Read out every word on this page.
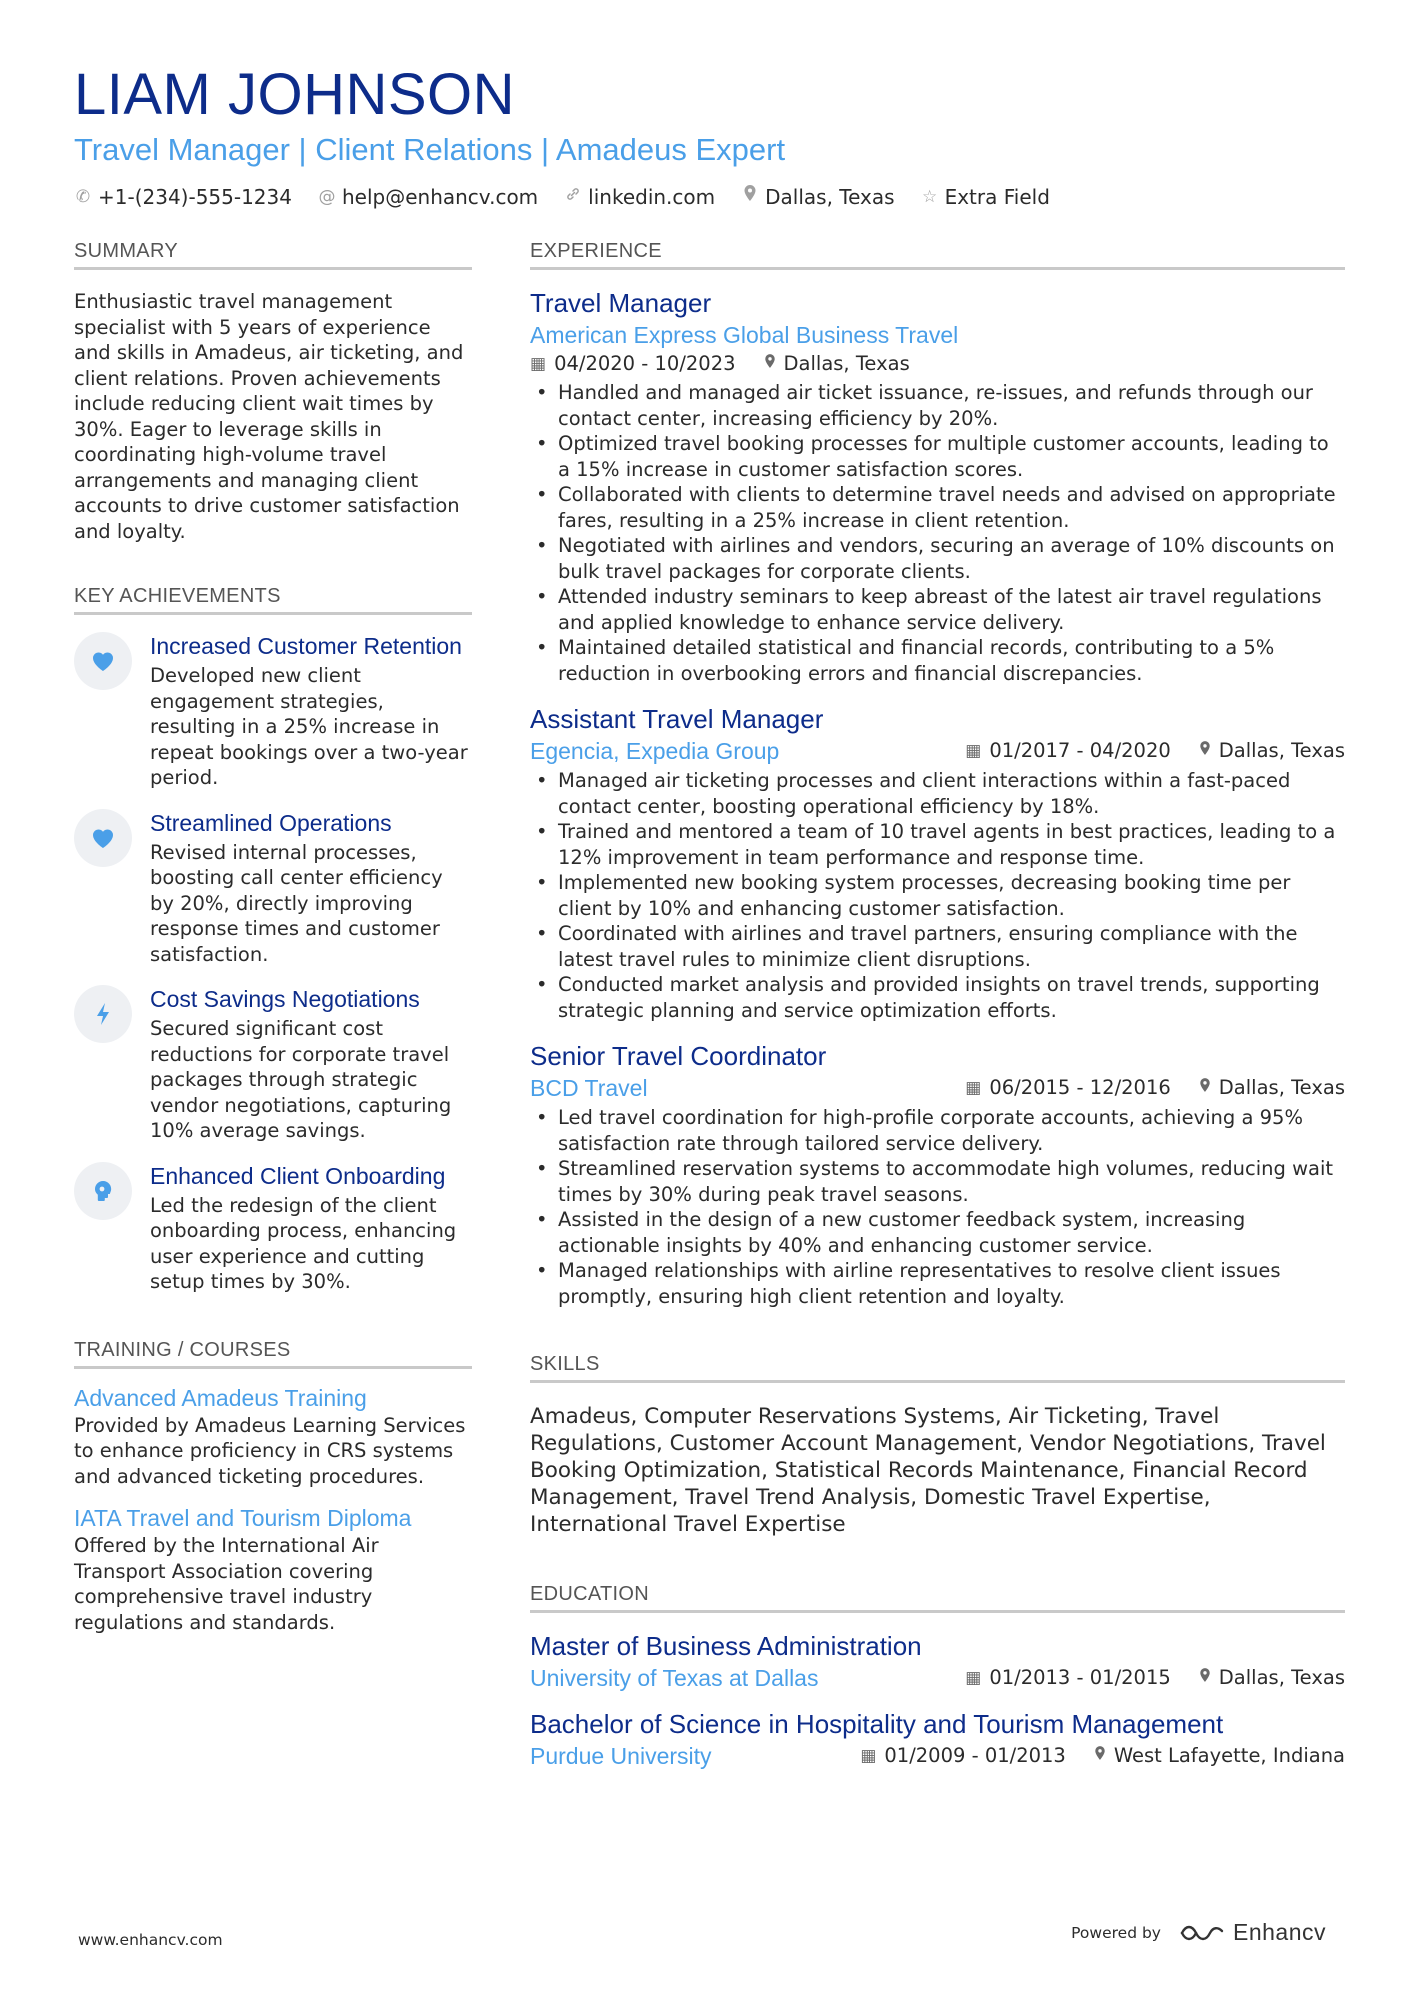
LIAM JOHNSON
Travel Manager | Client Relations | Amadeus Expert
✆ +1-(234)-555-1234 @ help@enhancv.com	linkedin.com	Dallas, Texas ☆ Extra Field
SUMMARY
Enthusiastic travel management specialist with 5 years of experience and skills in Amadeus, air ticketing, and client relations. Proven achievements include reducing client wait times by 30%. Eager to leverage skills in coordinating high-volume travel arrangements and managing client accounts to drive customer satisfaction and loyalty.
KEY ACHIEVEMENTS
Increased Customer Retention
Developed new client engagement strategies, resulting in a 25% increase in repeat bookings over a two-year period.
Streamlined Operations
Revised internal processes, boosting call center efficiency by 20%, directly improving response times and customer satisfaction.
Cost Savings Negotiations
Secured significant cost reductions for corporate travel packages through strategic vendor negotiations, capturing 10% average savings.
Enhanced Client Onboarding
Led the redesign of the client onboarding process, enhancing user experience and cutting setup times by 30%.
TRAINING / COURSES
Advanced Amadeus Training
Provided by Amadeus Learning Services to enhance proficiency in CRS systems and advanced ticketing procedures.
IATA Travel and Tourism Diploma
Offered by the International Air Transport Association covering comprehensive travel industry regulations and standards.
EXPERIENCE
Travel Manager
American Express Global Business Travel
▦ 04/2020 - 10/2023 Dallas, Texas
• Handled and managed air ticket issuance, re-issues, and refunds through our contact center, increasing efficiency by 20%.
• Optimized travel booking processes for multiple customer accounts, leading to a 15% increase in customer satisfaction scores.
• Collaborated with clients to determine travel needs and advised on appropriate fares, resulting in a 25% increase in client retention.
• Negotiated with airlines and vendors, securing an average of 10% discounts on bulk travel packages for corporate clients.
• Attended industry seminars to keep abreast of the latest air travel regulations and applied knowledge to enhance service delivery.
• Maintained detailed statistical and financial records, contributing to a 5% reduction in overbooking errors and financial discrepancies.
Assistant Travel Manager
Egencia, Expedia Group	▦ 01/2017 - 04/2020 Dallas, Texas
• Managed air ticketing processes and client interactions within a fast-paced contact center, boosting operational efficiency by 18%.
• Trained and mentored a team of 10 travel agents in best practices, leading to a 12% improvement in team performance and response time.
• Implemented new booking system processes, decreasing booking time per client by 10% and enhancing customer satisfaction.
• Coordinated with airlines and travel partners, ensuring compliance with the latest travel rules to minimize client disruptions.
• Conducted market analysis and provided insights on travel trends, supporting strategic planning and service optimization efforts.
Senior Travel Coordinator
BCD Travel	▦ 06/2015 - 12/2016 Dallas, Texas
• Led travel coordination for high-profile corporate accounts, achieving a 95% satisfaction rate through tailored service delivery.
• Streamlined reservation systems to accommodate high volumes, reducing wait times by 30% during peak travel seasons.
• Assisted in the design of a new customer feedback system, increasing actionable insights by 40% and enhancing customer service.
• Managed relationships with airline representatives to resolve client issues promptly, ensuring high client retention and loyalty.
SKILLS
Amadeus, Computer Reservations Systems, Air Ticketing, Travel Regulations, Customer Account Management, Vendor Negotiations, Travel Booking Optimization, Statistical Records Maintenance, Financial Record Management, Travel Trend Analysis, Domestic Travel Expertise, International Travel Expertise
EDUCATION
Master of Business Administration
University of Texas at Dallas	▦ 01/2013 - 01/2015 Dallas, Texas
Bachelor of Science in Hospitality and Tourism Management
Purdue University	▦ 01/2009 - 01/2013 West Lafayette, Indiana
www.enhancv.com	Powered by	Enhancv
